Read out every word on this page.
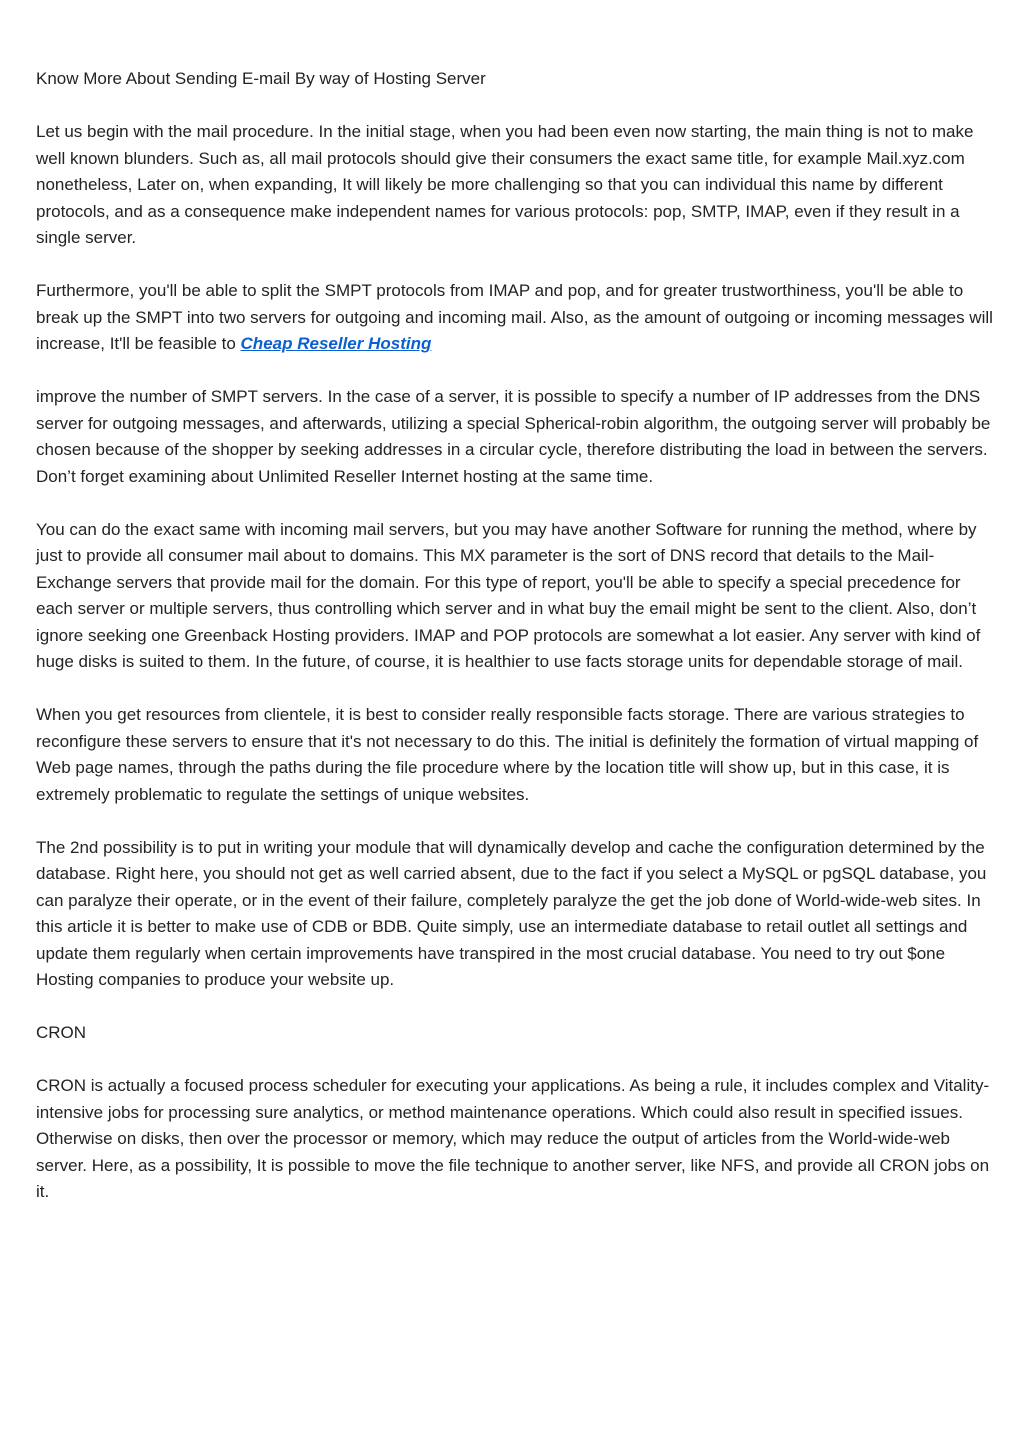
Know More About Sending E-mail By way of Hosting Server

Let us begin with the mail procedure. In the initial stage, when you had been even now starting, the main thing is not to make well known blunders. Such as, all mail protocols should give their consumers the exact same title, for example Mail.xyz.com nonetheless, Later on, when expanding, It will likely be more challenging so that you can individual this name by different protocols, and as a consequence make independent names for various protocols: pop, SMTP, IMAP, even if they result in a single server.

Furthermore, you'll be able to split the SMPT protocols from IMAP and pop, and for greater trustworthiness, you'll be able to break up the SMPT into two servers for outgoing and incoming mail. Also, as the amount of outgoing or incoming messages will increase, It'll be feasible to Cheap Reseller Hosting

improve the number of SMPT servers. In the case of a server, it is possible to specify a number of IP addresses from the DNS server for outgoing messages, and afterwards, utilizing a special Spherical-robin algorithm, the outgoing server will probably be chosen because of the shopper by seeking addresses in a circular cycle, therefore distributing the load in between the servers. Don’t forget examining about Unlimited Reseller Internet hosting at the same time.

You can do the exact same with incoming mail servers, but you may have another Software for running the method, where by just to provide all consumer mail about to domains. This MX parameter is the sort of DNS record that details to the Mail-Exchange servers that provide mail for the domain. For this type of report, you'll be able to specify a special precedence for each server or multiple servers, thus controlling which server and in what buy the email might be sent to the client. Also, don’t ignore seeking one Greenback Hosting providers. IMAP and POP protocols are somewhat a lot easier. Any server with kind of huge disks is suited to them. In the future, of course, it is healthier to use facts storage units for dependable storage of mail.

When you get resources from clientele, it is best to consider really responsible facts storage. There are various strategies to reconfigure these servers to ensure that it's not necessary to do this. The initial is definitely the formation of virtual mapping of Web page names, through the paths during the file procedure where by the location title will show up, but in this case, it is extremely problematic to regulate the settings of unique websites.

The 2nd possibility is to put in writing your module that will dynamically develop and cache the configuration determined by the database. Right here, you should not get as well carried absent, due to the fact if you select a MySQL or pgSQL database, you can paralyze their operate, or in the event of their failure, completely paralyze the get the job done of World-wide-web sites. In this article it is better to make use of CDB or BDB. Quite simply, use an intermediate database to retail outlet all settings and update them regularly when certain improvements have transpired in the most crucial database. You need to try out $one Hosting companies to produce your website up.

CRON

CRON is actually a focused process scheduler for executing your applications. As being a rule, it includes complex and Vitality-intensive jobs for processing sure analytics, or method maintenance operations. Which could also result in specified issues. Otherwise on disks, then over the processor or memory, which may reduce the output of articles from the World-wide-web server. Here, as a possibility, It is possible to move the file technique to another server, like NFS, and provide all CRON jobs on it.
